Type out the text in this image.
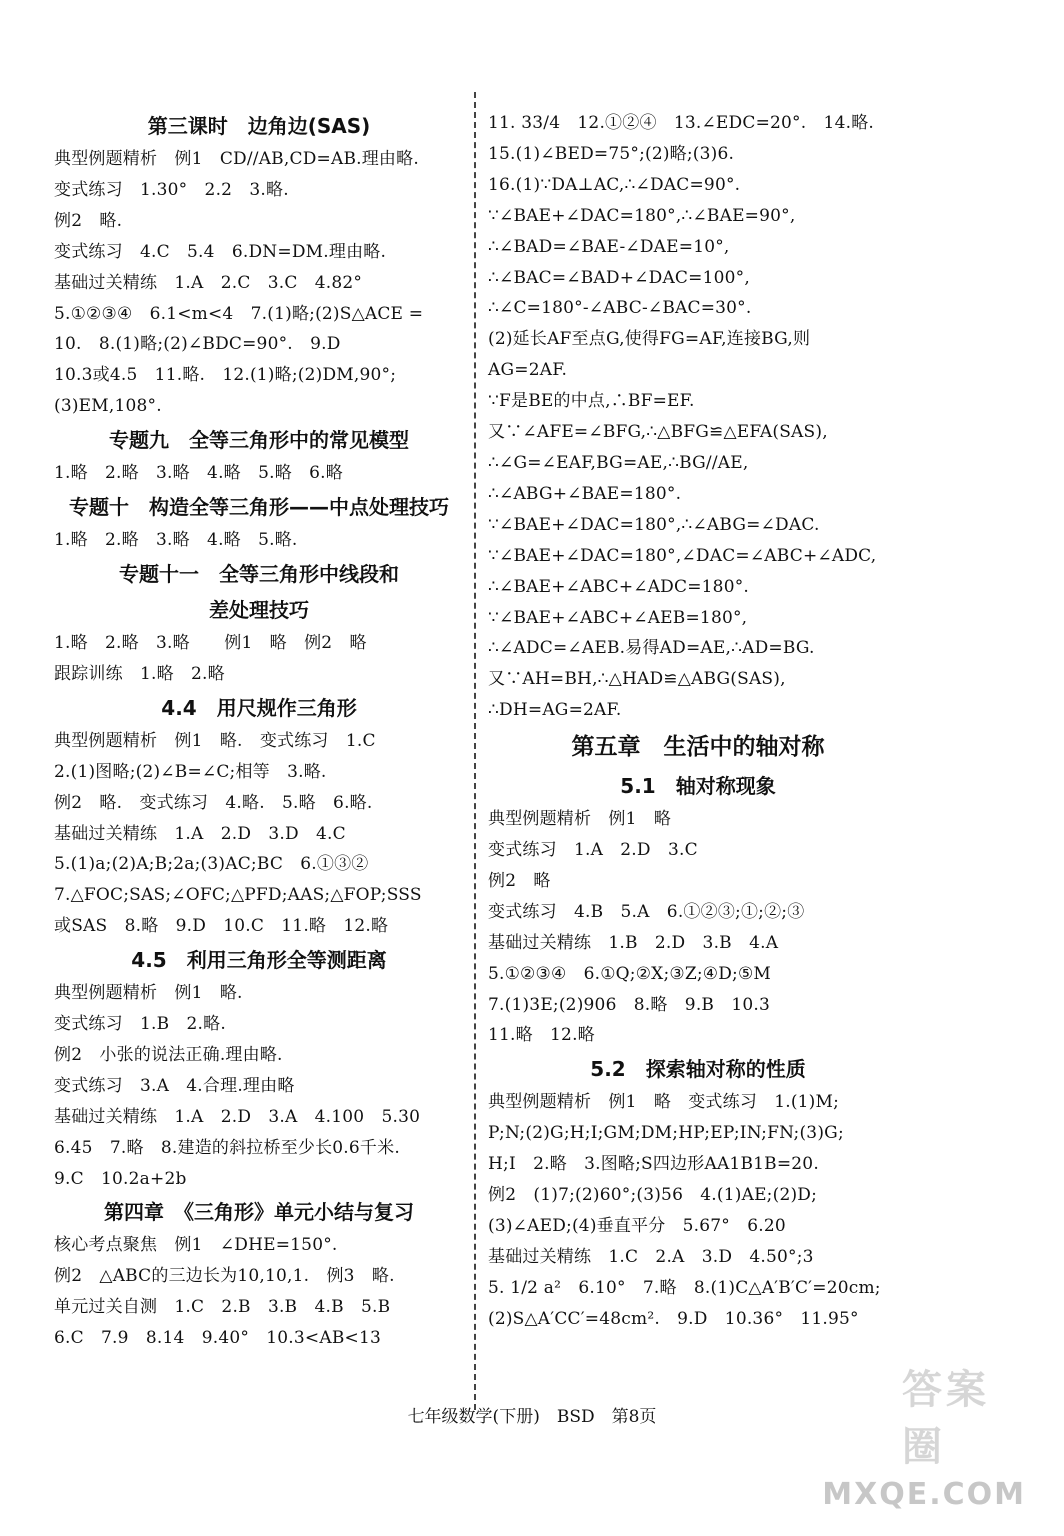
第三课时　边角边(SAS)
典型例题精析　例1　CD//AB,CD=AB.理由略.
变式练习　1.30°　2.2　3.略.
例2　略.
变式练习　4.C　5.4　6.DN=DM.理由略.
基础过关精练　1.A　2.C　3.C　4.82°
5.①②③④　6.1<m<4　7.(1)略;(2)S△ACE =
10.　8.(1)略;(2)∠BDC=90°.　9.D
10.3或4.5　11.略.　12.(1)略;(2)DM,90°;
(3)EM,108°.
专题九　全等三角形中的常见模型
1.略　2.略　3.略　4.略　5.略　6.略
专题十　构造全等三角形——中点处理技巧
1.略　2.略　3.略　4.略　5.略.
专题十一　全等三角形中线段和
差处理技巧
1.略　2.略　3.略　　例1　略　例2　略
跟踪训练　1.略　2.略
4.4　用尺规作三角形
典型例题精析　例1　略.　变式练习　1.C
2.(1)图略;(2)∠B=∠C;相等　3.略.
例2　略.　变式练习　4.略.　5.略　6.略.
基础过关精练　1.A　2.D　3.D　4.C
5.(1)a;(2)A;B;2a;(3)AC;BC　6.①③②
7.△FOC;SAS;∠OFC;△PFD;AAS;△FOP;SSS
或SAS　8.略　9.D　10.C　11.略　12.略
4.5　利用三角形全等测距离
典型例题精析　例1　略.
变式练习　1.B　2.略.
例2　小张的说法正确.理由略.
变式练习　3.A　4.合理.理由略
基础过关精练　1.A　2.D　3.A　4.100　5.30
6.45　7.略　8.建造的斜拉桥至少长0.6千米.
9.C　10.2a+2b
第四章　《三角形》单元小结与复习
核心考点聚焦　例1　∠DHE=150°.
例2　△ABC的三边长为10,10,1.　例3　略.
单元过关自测　1.C　2.B　3.B　4.B　5.B
6.C　7.9　8.14　9.40°　10.3<AB<13
11. 33/4　12.①②④　13.∠EDC=20°.　14.略.
15.(1)∠BED=75°;(2)略;(3)6.
16.(1)∵DA⊥AC,∴∠DAC=90°.
∵∠BAE+∠DAC=180°,∴∠BAE=90°,
∴∠BAD=∠BAE-∠DAE=10°,
∴∠BAC=∠BAD+∠DAC=100°,
∴∠C=180°-∠ABC-∠BAC=30°.
(2)延长AF至点G,使得FG=AF,连接BG,则
AG=2AF.
∵F是BE的中点,∴BF=EF.
又∵∠AFE=∠BFG,∴△BFG≌△EFA(SAS),
∴∠G=∠EAF,BG=AE,∴BG//AE,
∴∠ABG+∠BAE=180°.
∵∠BAE+∠DAC=180°,∴∠ABG=∠DAC.
∵∠BAE+∠DAC=180°,∠DAC=∠ABC+∠ADC,
∴∠BAE+∠ABC+∠ADC=180°.
∵∠BAE+∠ABC+∠AEB=180°,
∴∠ADC=∠AEB.易得AD=AE,∴AD=BG.
又∵AH=BH,∴△HAD≌△ABG(SAS),
∴DH=AG=2AF.
第五章　生活中的轴对称
5.1　轴对称现象
典型例题精析　例1　略
变式练习　1.A　2.D　3.C
例2　略
变式练习　4.B　5.A　6.①②③;①;②;③
基础过关精练　1.B　2.D　3.B　4.A
5.①②③④　6.①Q;②X;③Z;④D;⑤M
7.(1)3E;(2)906　8.略　9.B　10.3
11.略　12.略
5.2　探索轴对称的性质
典型例题精析　例1　略　变式练习　1.(1)M;
P;N;(2)G;H;I;GM;DM;HP;EP;IN;FN;(3)G;
H;I　2.略　3.图略;S四边形AA1B1B=20.
例2　(1)7;(2)60°;(3)56　4.(1)AE;(2)D;
(3)∠AED;(4)垂直平分　5.67°　6.20
基础过关精练　1.C　2.A　3.D　4.50°;3
5. 1/2 a²　6.10°　7.略　8.(1)C△A′B′C′=20cm;
(2)S△A′CC′=48cm².　9.D　10.36°　11.95°
七年级数学(下册)　BSD　第8页
答案圈
MXQE.COM
